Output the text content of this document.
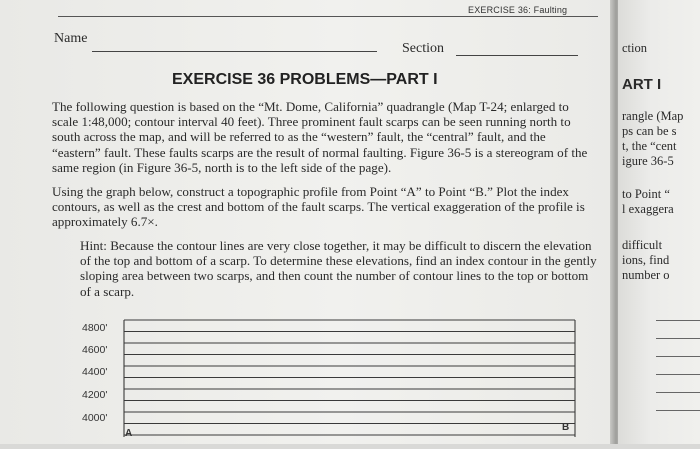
EXERCISE 36: Faulting
Name
Section
EXERCISE 36 PROBLEMS—PART I

The following question is based on the “Mt. Dome, California” quadrangle (Map T-24; enlarged to scale 1:48,000; contour interval 40 feet). Three prominent fault scarps can be seen running north to south across the map, and will be referred to as the “western” fault, the “central” fault, and the “eastern” fault. These faults scarps are the result of normal faulting. Figure 36-5 is a stereogram of the same region (in Figure 36-5, north is to the left side of the page).

Using the graph below, construct a topographic profile from Point “A” to Point “B.” Plot the index contours, as well as the crest and bottom of the fault scarps. The vertical exaggeration of the profile is approximately 6.7×.

Hint: Because the contour lines are very close together, it may be difficult to discern the elevation of the top and bottom of a scarp. To determine these elevations, find an index contour in the gently sloping area between two scarps, and then count the number of contour lines to the top or bottom of a scarp.

4800'
4600'
4400'
4200'
4000'
A
B
ction
ART I
rangle (Map
ps can be s
t, the “cent
igure 36-5
to Point “
l exaggera
difficult
ions, find
number o
